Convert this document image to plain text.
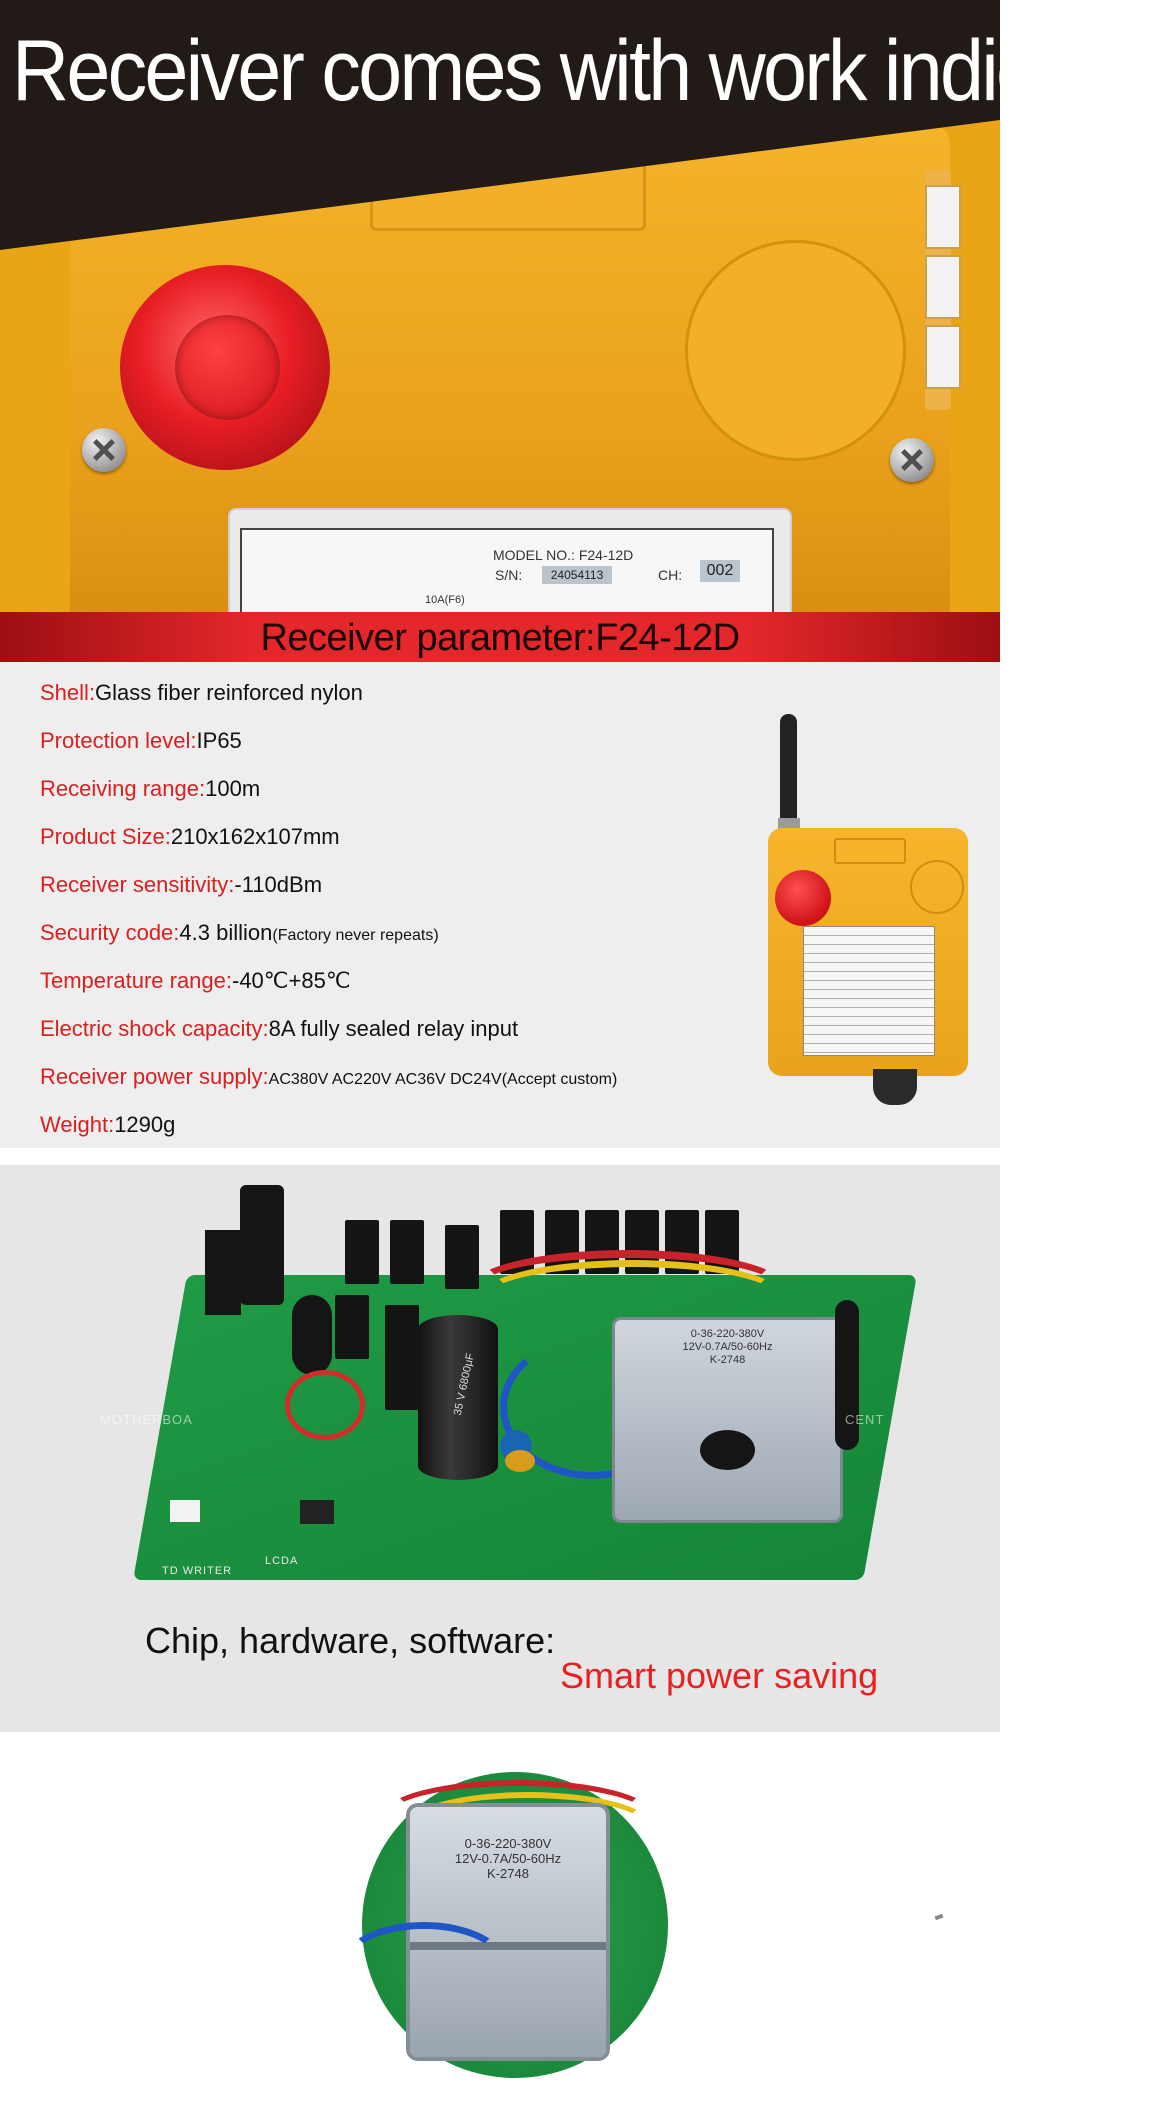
MODEL NO.: F24-12D
S/N:	24054113	CH:	002
10A(F6)
Receiver comes with work indicator
Receiver parameter:F24-12D
Shell:Glass fiber reinforced nylon
Protection level:IP65
Receiving range:100m
Product Size:210x162x107mm
Receiver sensitivity:-110dBm
Security code:4.3 billion(Factory never repeats)
Temperature range:-40℃+85℃
Electric shock capacity:8A fully sealed relay input
Receiver power supply:AC380V AC220V AC36V DC24V(Accept custom)
Weight:1290g
35 V 6800μF
0-36-220-380V
12V-0.7A/50-60Hz
K-2748
MOTHERBOA	CENT
LCDA
TD WRITER
Chip, hardware, software:
Smart power saving
0-36-220-380V
12V-0.7A/50-60Hz
K-2748
